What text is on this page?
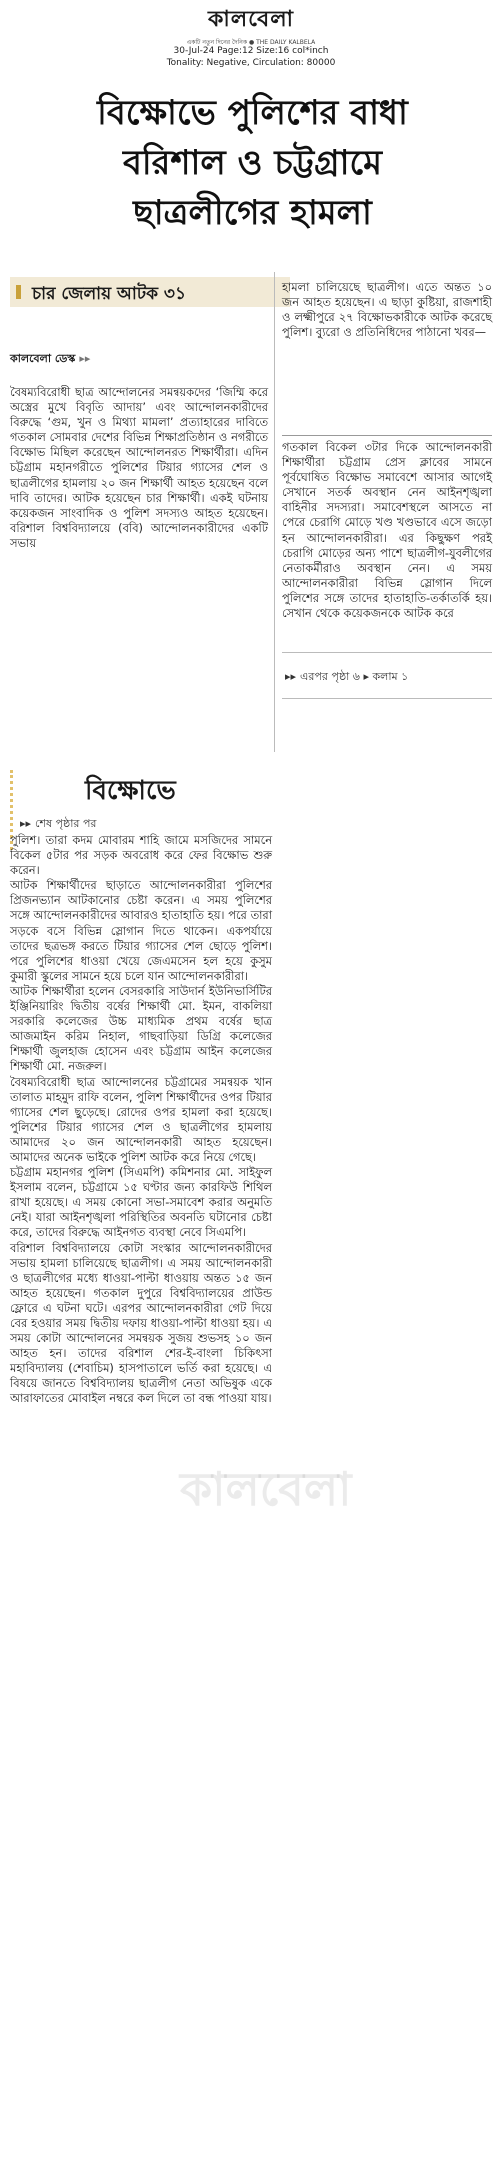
কালবেলা
একটি নতুন দিনের দৈনিক ● THE DAILY KALBELA
30-Jul-24 Page:12 Size:16 col*inch
Tonality: Negative, Circulation: 80000
বিক্ষোভে পুলিশের বাধা
বরিশাল ও চট্টগ্রামে
ছাত্রলীগের হামলা
চার জেলায় আটক ৩১
কালবেলা ডেস্ক ▸▸

বৈষম্যবিরোধী ছাত্র আন্দোলনের সমন্বয়কদের ‘জিম্মি করে অস্ত্রের মুখে বিবৃতি আদায়’ এবং আন্দোলনকারীদের বিরুদ্ধে ‘গুম, খুন ও মিথ্যা মামলা’ প্রত্যাহারের দাবিতে গতকাল সোমবার দেশের বিভিন্ন শিক্ষাপ্রতিষ্ঠান ও নগরীতে বিক্ষোভ মিছিল করেছেন আন্দোলনরত শিক্ষার্থীরা। এদিন চট্টগ্রাম মহানগরীতে পুলিশের টিয়ার গ্যাসের শেল ও ছাত্রলীগের হামলায় ২০ জন শিক্ষার্থী আহত হয়েছেন বলে দাবি তাদের। আটক হয়েছেন চার শিক্ষার্থী। একই ঘটনায় কয়েকজন সাংবাদিক ও পুলিশ সদস্যও আহত হয়েছেন। বরিশাল বিশ্ববিদ্যালয়ে (ববি) আন্দোলনকারীদের একটি সভায়

হামলা চালিয়েছে ছাত্রলীগ। এতে অন্তত ১০ জন আহত হয়েছেন। এ ছাড়া কুষ্টিয়া, রাজশাহী ও লক্ষ্মীপুরে ২৭ বিক্ষোভকারীকে আটক করেছে পুলিশ। ব্যুরো ও প্রতিনিধিদের পাঠানো খবর—

গতকাল বিকেল ৩টার দিকে আন্দোলনকারী শিক্ষার্থীরা চট্টগ্রাম প্রেস ক্লাবের সামনে পূর্বঘোষিত বিক্ষোভ সমাবেশে আসার আগেই সেখানে সতর্ক অবস্থান নেন আইনশৃঙ্খলা বাহিনীর সদস্যরা। সমাবেশস্থলে আসতে না পেরে চেরাগি মোড়ে খণ্ড খণ্ডভাবে এসে জড়ো হন আন্দোলনকারীরা। এর কিছুক্ষণ পরই চেরাগি মোড়ের অন্য পাশে ছাত্রলীগ-যুবলীগের নেতাকর্মীরাও অবস্থান নেন। এ সময় আন্দোলনকারীরা বিভিন্ন স্লোগান দিলে পুলিশের সঙ্গে তাদের হাতাহাতি-তর্কাতর্কি হয়। সেখান থেকে কয়েকজনকে আটক করে

▸▸ এরপর পৃষ্ঠা ৬ ▸ কলাম ১
বিক্ষোভে
▸▸ শেষ পৃষ্ঠার পর

পুলিশ। তারা কদম মোবারম শাহি জামে মসজিদের সামনে বিকেল ৫টার পর সড়ক অবরোধ করে ফের বিক্ষোভ শুরু করেন।

আটক শিক্ষার্থীদের ছাড়াতে আন্দোলনকারীরা পুলিশের প্রিজনভ্যান আটকানোর চেষ্টা করেন। এ সময় পুলিশের সঙ্গে আন্দোলনকারীদের আবারও হাতাহাতি হয়। পরে তারা সড়কে বসে বিভিন্ন স্লোগান দিতে থাকেন। একপর্যায়ে তাদের ছত্রভঙ্গ করতে টিয়ার গ্যাসের শেল ছোড়ে পুলিশ। পরে পুলিশের ধাওয়া খেয়ে জেএমসেন হল হয়ে কুসুম কুমারী স্কুলের সামনে হয়ে চলে যান আন্দোলনকারীরা।

আটক শিক্ষার্থীরা হলেন বেসরকারি সাউদার্ন ইউনিভার্সিটির ইঞ্জিনিয়ারিং দ্বিতীয় বর্ষের শিক্ষার্থী মো. ইমন, বাকলিয়া সরকারি কলেজের উচ্চ মাধ্যমিক প্রথম বর্ষের ছাত্র আজমাইন করিম নিহাল, গাছবাড়িয়া ডিগ্রি কলেজের শিক্ষার্থী জুলহাজ হোসেন এবং চট্টগ্রাম আইন কলেজের শিক্ষার্থী মো. নজরুল।

বৈষম্যবিরোধী ছাত্র আন্দোলনের চট্টগ্রামের সমন্বয়ক খান তালাত মাহমুদ রাফি বলেন, পুলিশ শিক্ষার্থীদের ওপর টিয়ার গ্যাসের শেল ছুড়েছে। রোদের ওপর হামলা করা হয়েছে। পুলিশের টিয়ার গ্যাসের শেল ও ছাত্রলীগের হামলায় আমাদের ২০ জন আন্দোলনকারী আহত হয়েছেন। আমাদের অনেক ভাইকে পুলিশ আটক করে নিয়ে গেছে।

চট্টগ্রাম মহানগর পুলিশ (সিএমপি) কমিশনার মো. সাইফুল ইসলাম বলেন, চট্টগ্রামে ১৫ ঘণ্টার জন্য কারফিউ শিথিল রাখা হয়েছে। এ সময় কোনো সভা-সমাবেশ করার অনুমতি নেই। যারা আইনশৃঙ্খলা পরিস্থিতির অবনতি ঘটানোর চেষ্টা করে, তাদের বিরুদ্ধে আইনগত ব্যবস্থা নেবে সিএমপি।

বরিশাল বিশ্ববিদ্যালয়ে কোটা সংস্কার আন্দোলনকারীদের সভায় হামলা চালিয়েছে ছাত্রলীগ। এ সময় আন্দোলনকারী ও ছাত্রলীগের মধ্যে ধাওয়া-পাল্টা ধাওয়ায় অন্তত ১৫ জন আহত হয়েছেন। গতকাল দুপুরে বিশ্ববিদ্যালয়ের প্রাউন্ড ফ্লোরে এ ঘটনা ঘটে। এরপর আন্দোলনকারীরা গেট দিয়ে বের হওয়ার সময় দ্বিতীয় দফায় ধাওয়া-পাল্টা ধাওয়া হয়। এ সময় কোটা আন্দোলনের সমন্বয়ক সুজয় শুভসহ ১০ জন আহত হন। তাদের বরিশাল শের-ই-বাংলা চিকিৎসা মহাবিদ্যালয় (শেবাচিম) হাসপাতালে ভর্তি করা হয়েছে। এ বিষয়ে জানতে বিশ্ববিদ্যালয় ছাত্রলীগ নেতা অভিষুক একে আরাফাতের মোবাইল নম্বরে কল দিলে তা বন্ধ পাওয়া যায়।

কালবেলা
